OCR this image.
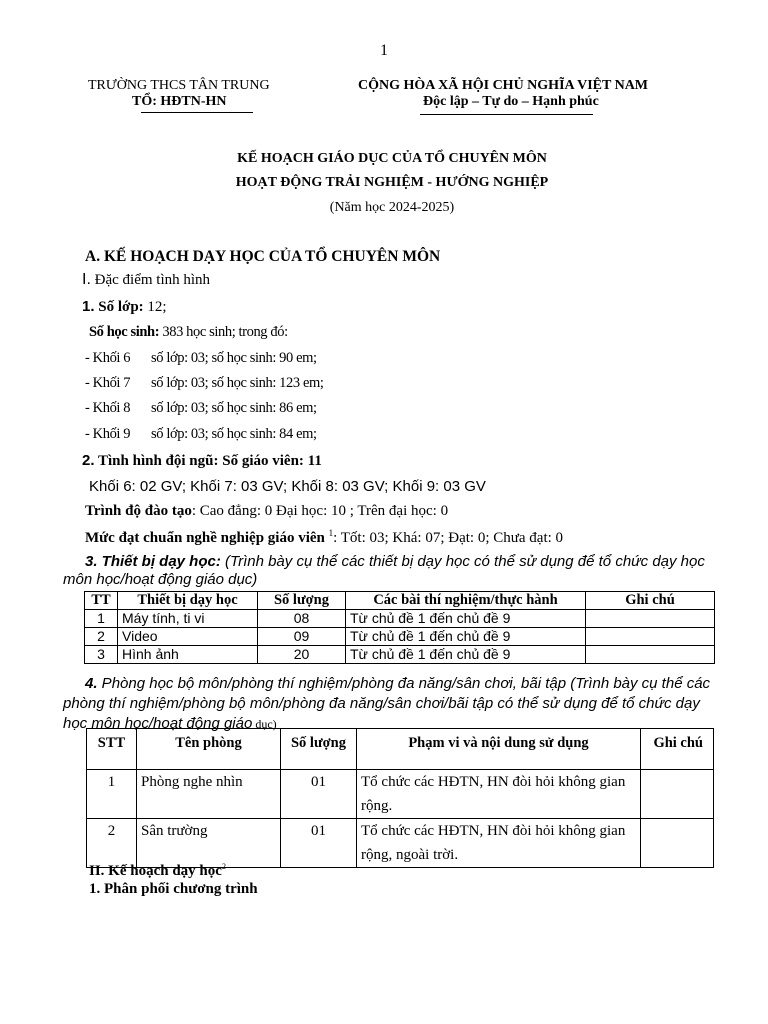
1
TRƯỜNG THCS TÂN TRUNG
TỔ: HĐTN-HN
CỘNG HÒA XÃ HỘI CHỦ NGHĨA VIỆT NAM
Độc lập – Tự do – Hạnh phúc
KẾ HOẠCH GIÁO DỤC CỦA TỔ CHUYÊN MÔN
HOẠT ĐỘNG TRẢI NGHIỆM - HƯỚNG NGHIỆP
(Năm học 2024-2025)
A. KẾ HOẠCH DẠY HỌC CỦA TỔ CHUYÊN MÔN
I. Đặc điểm tình hình
1. Số lớp: 12;
Số học sinh: 383 học sinh; trong đó:
- Khối 6 số lớp: 03; số học sinh: 90 em;
- Khối 7 số lớp: 03; số học sinh: 123 em;
- Khối 8 số lớp: 03; số học sinh: 86 em;
- Khối 9 số lớp: 03; số học sinh: 84 em;
2. Tình hình đội ngũ: Số giáo viên: 11
Khối 6: 02 GV; Khối 7: 03 GV; Khối 8: 03 GV; Khối 9: 03 GV
Trình độ đào tạo: Cao đẳng: 0 Đại học: 10 ; Trên đại học: 0
Mức đạt chuẩn nghề nghiệp giáo viên $^1$: Tốt: 03; Khá: 07; Đạt: 0; Chưa đạt: 0
3. Thiết bị dạy học: (Trình bày cụ thể các thiết bị dạy học có thể sử dụng để tổ chức dạy học môn học/hoạt động giáo dục)
TT	Thiết bị dạy học	Số lượng	Các bài thí nghiệm/thực hành	Ghi chú
1	Máy tính, ti vi	08	Từ chủ đề 1 đến chủ đề 9	
2	Video	09	Từ chủ đề 1 đến chủ đề 9	
3	Hình ảnh	20	Từ chủ đề 1 đến chủ đề 9	
4. Phòng học bộ môn/phòng thí nghiệm/phòng đa năng/sân chơi, bãi tập (Trình bày cụ thể các phòng thí nghiệm/phòng bộ môn/phòng đa năng/sân chơi/bãi tập có thể sử dụng để tổ chức dạy học môn học/hoạt động giáo dục)
STT	Tên phòng	Số lượng	Phạm vi và nội dung sử dụng	Ghi chú
1	Phòng nghe nhìn	01	Tổ chức các HĐTN, HN đòi hỏi không gian rộng.	
2	Sân trường	01	Tổ chức các HĐTN, HN đòi hỏi không gian rộng, ngoài trời.	
II. Kế hoạch dạy học$^2$
1. Phân phối chương trình
